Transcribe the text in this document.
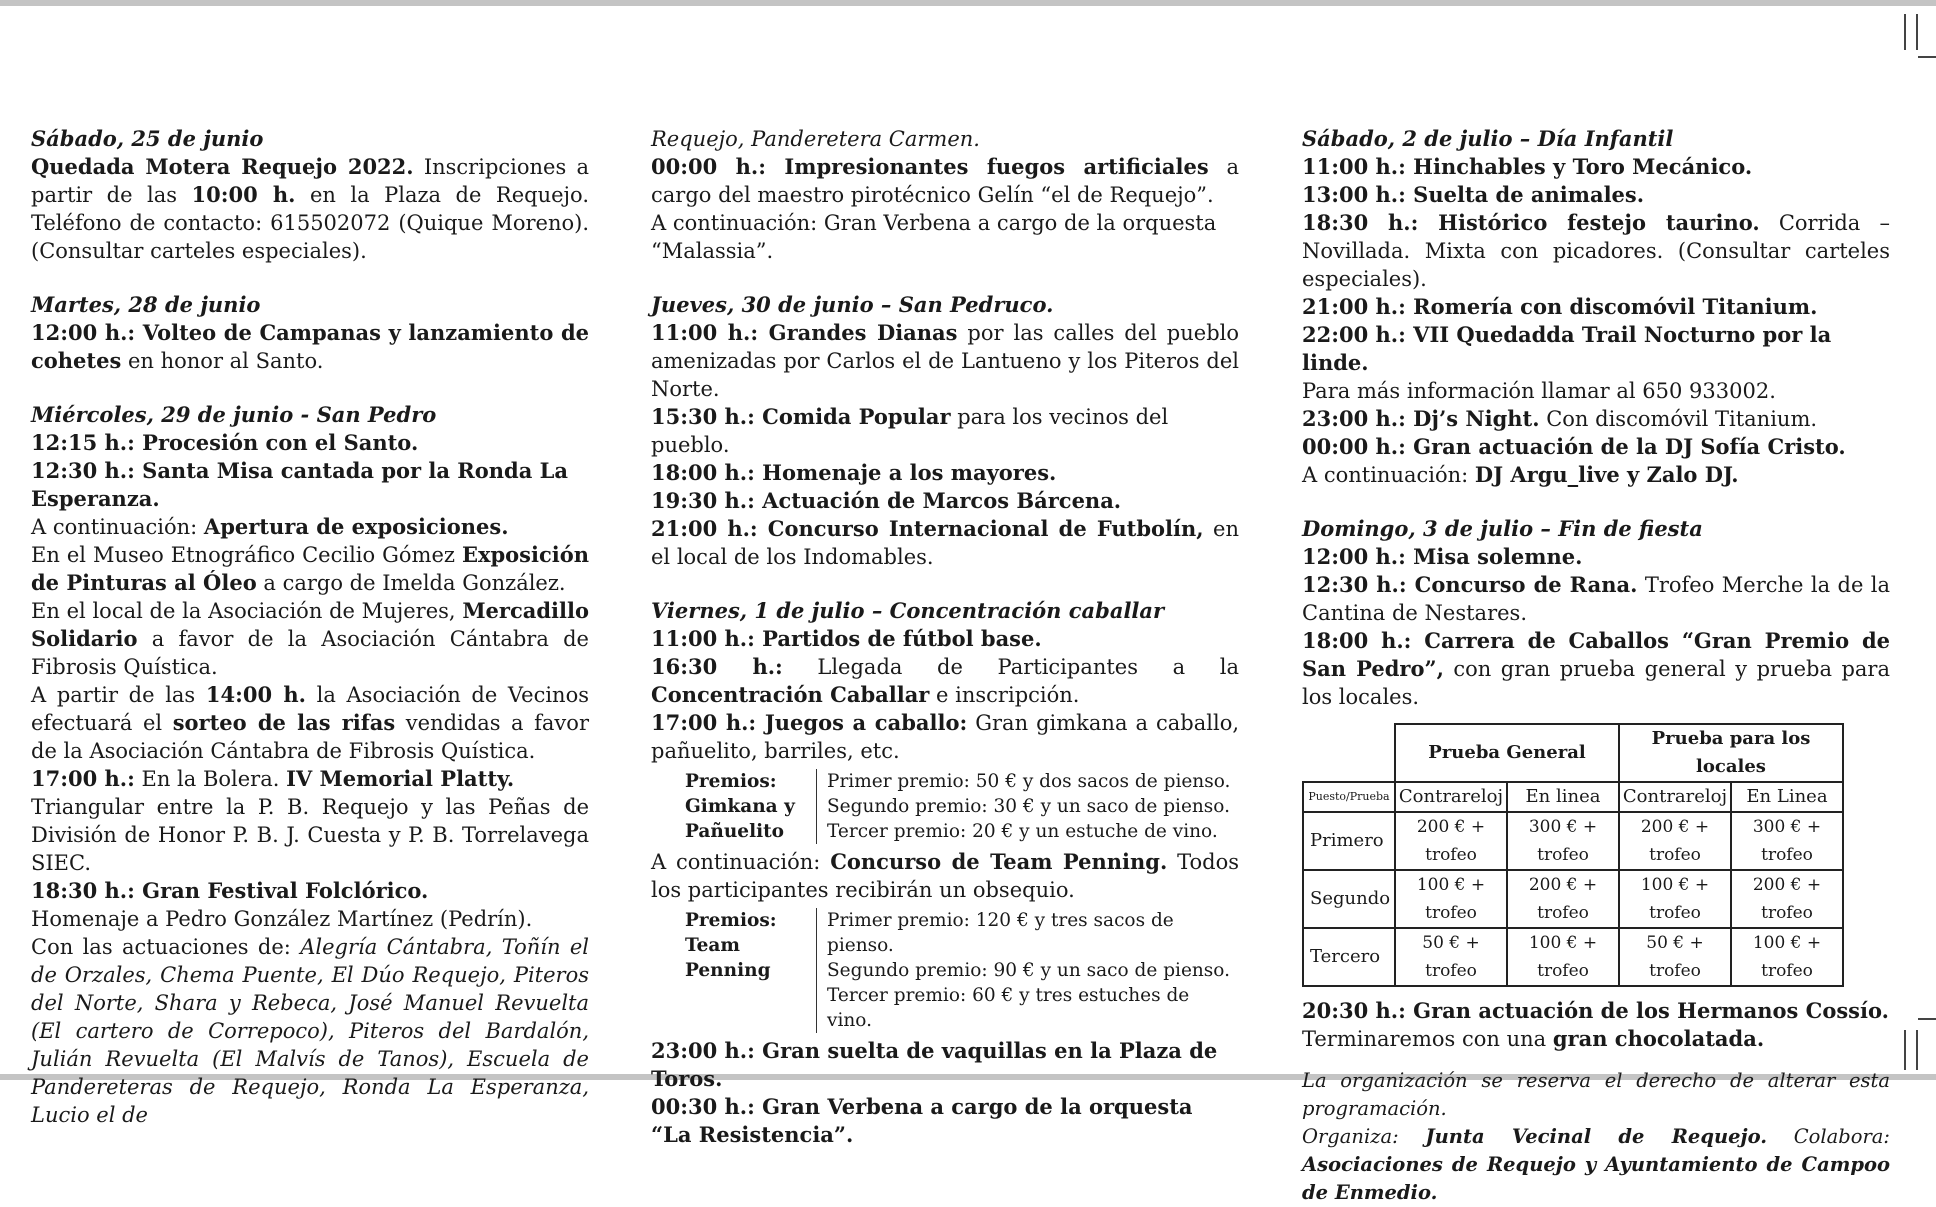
Sábado, 25 de junio

Quedada Motera Requejo 2022. Inscripciones a partir de las 10:00 h. en la Plaza de Requejo. Teléfono de contacto: 615502072 (Quique Moreno). (Consultar carteles especiales).

Martes, 28 de junio

12:00 h.: Volteo de Campanas y lanzamiento de cohetes en honor al Santo.

Miércoles, 29 de junio - San Pedro

12:15 h.: Procesión con el Santo.

12:30 h.: Santa Misa cantada por la Ronda La Esperanza.

A continuación: Apertura de exposiciones.

En el Museo Etnográfico Cecilio Gómez Exposición de Pinturas al Óleo a cargo de Imelda González.

En el local de la Asociación de Mujeres, Mercadillo Solidario a favor de la Asociación Cántabra de Fibrosis Quística.

A partir de las 14:00 h. la Asociación de Vecinos efectuará el sorteo de las rifas vendidas a favor de la Asociación Cántabra de Fibrosis Quística.

17:00 h.: En la Bolera. IV Memorial Platty.

Triangular entre la P. B. Requejo y las Peñas de División de Honor P. B. J. Cuesta y P. B. Torrelavega SIEC.

18:30 h.: Gran Festival Folclórico.

Homenaje a Pedro González Martínez (Pedrín).

Con las actuaciones de: Alegría Cántabra, Toñín el de Orzales, Chema Puente, El Dúo Requejo, Piteros del Norte, Shara y Rebeca, José Manuel Revuelta (El cartero de Correpoco), Piteros del Bardalón, Julián Revuelta (El Malvís de Tanos), Escuela de Pandereteras de Requejo, Ronda La Esperanza, Lucio el de

Requejo, Panderetera Carmen.

00:00 h.: Impresionantes fuegos artificiales a cargo del maestro pirotécnico Gelín “el de Requejo”.

A continuación: Gran Verbena a cargo de la orquesta “Malassia”.

Jueves, 30 de junio – San Pedruco.

11:00 h.: Grandes Dianas por las calles del pueblo amenizadas por Carlos el de Lantueno y los Piteros del Norte.

15:30 h.: Comida Popular para los vecinos del pueblo.

18:00 h.: Homenaje a los mayores.

19:30 h.: Actuación de Marcos Bárcena.

21:00 h.: Concurso Internacional de Futbolín, en el local de los Indomables.

Viernes, 1 de julio – Concentración caballar

11:00 h.: Partidos de fútbol base.

16:30 h.: Llegada de Participantes a la Concentración Caballar e inscripción.

17:00 h.: Juegos a caballo: Gran gimkana a caballo, pañuelito, barriles, etc.

Premios:
Gimkana y
Pañuelito
Primer premio: 50 € y dos sacos de pienso.
Segundo premio: 30 € y un saco de pienso.
Tercer premio: 20 € y un estuche de vino.

A continuación: Concurso de Team Penning. Todos los participantes recibirán un obsequio.

Premios:
Team
Penning
Primer premio: 120 € y tres sacos de pienso.
Segundo premio: 90 € y un saco de pienso.
Tercer premio: 60 € y tres estuches de vino.

23:00 h.: Gran suelta de vaquillas en la Plaza de Toros.

00:30 h.: Gran Verbena a cargo de la orquesta “La Resistencia”.

Sábado, 2 de julio – Día Infantil

11:00 h.: Hinchables y Toro Mecánico.

13:00 h.: Suelta de animales.

18:30 h.: Histórico festejo taurino. Corrida – Novillada. Mixta con picadores. (Consultar carteles especiales).

21:00 h.: Romería con discomóvil Titanium.

22:00 h.: VII Quedadda Trail Nocturno por la linde.

Para más información llamar al 650 933002.

23:00 h.: Dj’s Night. Con discomóvil Titanium.

00:00 h.: Gran actuación de la DJ Sofía Cristo.

A continuación: DJ Argu_live y Zalo DJ.

Domingo, 3 de julio – Fin de fiesta

12:00 h.: Misa solemne.

12:30 h.: Concurso de Rana. Trofeo Merche la de la Cantina de Nestares.

18:00 h.: Carrera de Caballos “Gran Premio de San Pedro”, con gran prueba general y prueba para los locales.

	Prueba General		Prueba para los locales	
Puesto/Prueba	Contrareloj	En linea	Contrareloj	En Linea
Primero	200 € + trofeo	300 € + trofeo	200 € + trofeo	300 € + trofeo
Segundo	100 € + trofeo	200 € + trofeo	100 € + trofeo	200 € + trofeo
Tercero	50 € + trofeo	100 € + trofeo	50 € + trofeo	100 € + trofeo

20:30 h.: Gran actuación de los Hermanos Cossío.

Terminaremos con una gran chocolatada.

La organización se reserva el derecho de alterar esta programación.

Organiza: Junta Vecinal de Requejo. Colabora: Asociaciones de Requejo y Ayuntamiento de Campoo de Enmedio.
